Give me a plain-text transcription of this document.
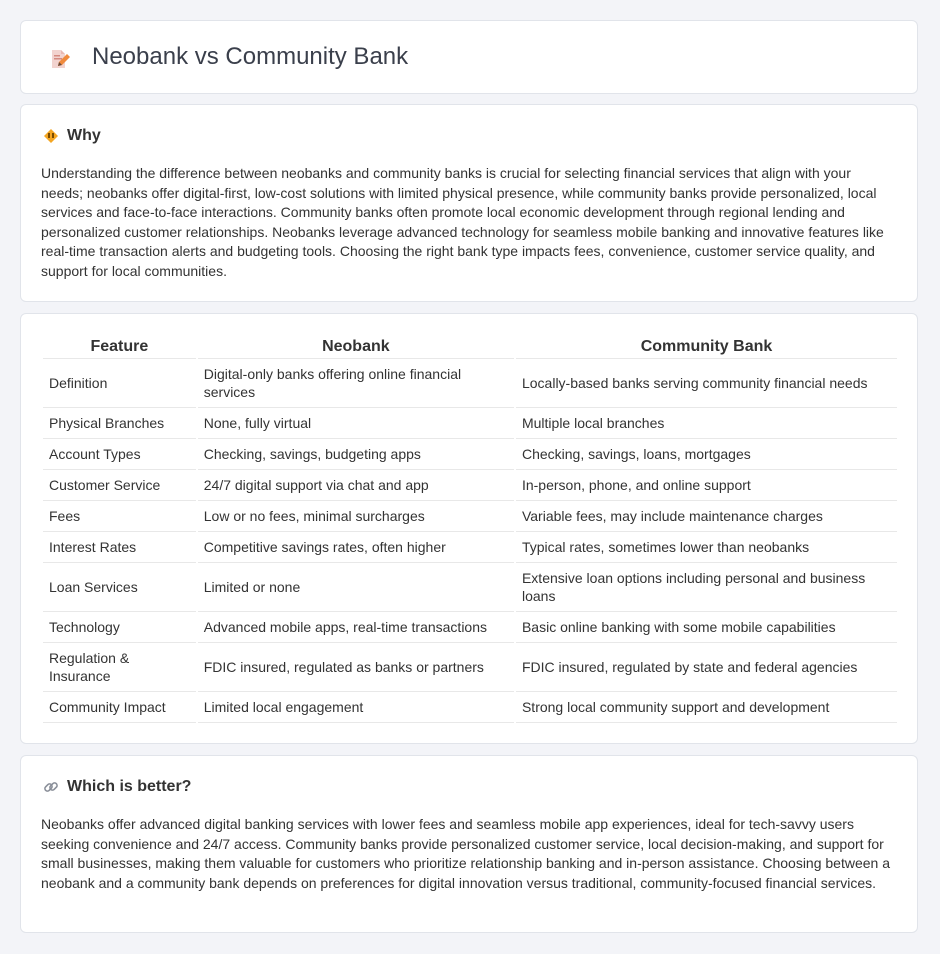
Neobank vs Community Bank
Why

Understanding the difference between neobanks and community banks is crucial for selecting financial services that align with your needs; neobanks offer digital-first, low-cost solutions with limited physical presence, while community banks provide personalized, local services and face-to-face interactions. Community banks often promote local economic development through regional lending and personalized customer relationships. Neobanks leverage advanced technology for seamless mobile banking and innovative features like real-time transaction alerts and budgeting tools. Choosing the right bank type impacts fees, convenience, customer service quality, and support for local communities.

Feature	Neobank	Community Bank
Definition	Digital-only banks offering online financial services	Locally-based banks serving community financial needs
Physical Branches	None, fully virtual	Multiple local branches
Account Types	Checking, savings, budgeting apps	Checking, savings, loans, mortgages
Customer Service	24/7 digital support via chat and app	In-person, phone, and online support
Fees	Low or no fees, minimal surcharges	Variable fees, may include maintenance charges
Interest Rates	Competitive savings rates, often higher	Typical rates, sometimes lower than neobanks
Loan Services	Limited or none	Extensive loan options including personal and business loans
Technology	Advanced mobile apps, real-time transactions	Basic online banking with some mobile capabilities
Regulation & Insurance	FDIC insured, regulated as banks or partners	FDIC insured, regulated by state and federal agencies
Community Impact	Limited local engagement	Strong local community support and development
Which is better?

Neobanks offer advanced digital banking services with lower fees and seamless mobile app experiences, ideal for tech-savvy users seeking convenience and 24/7 access. Community banks provide personalized customer service, local decision-making, and support for small businesses, making them valuable for customers who prioritize relationship banking and in-person assistance. Choosing between a neobank and a community bank depends on preferences for digital innovation versus traditional, community-focused financial services.
